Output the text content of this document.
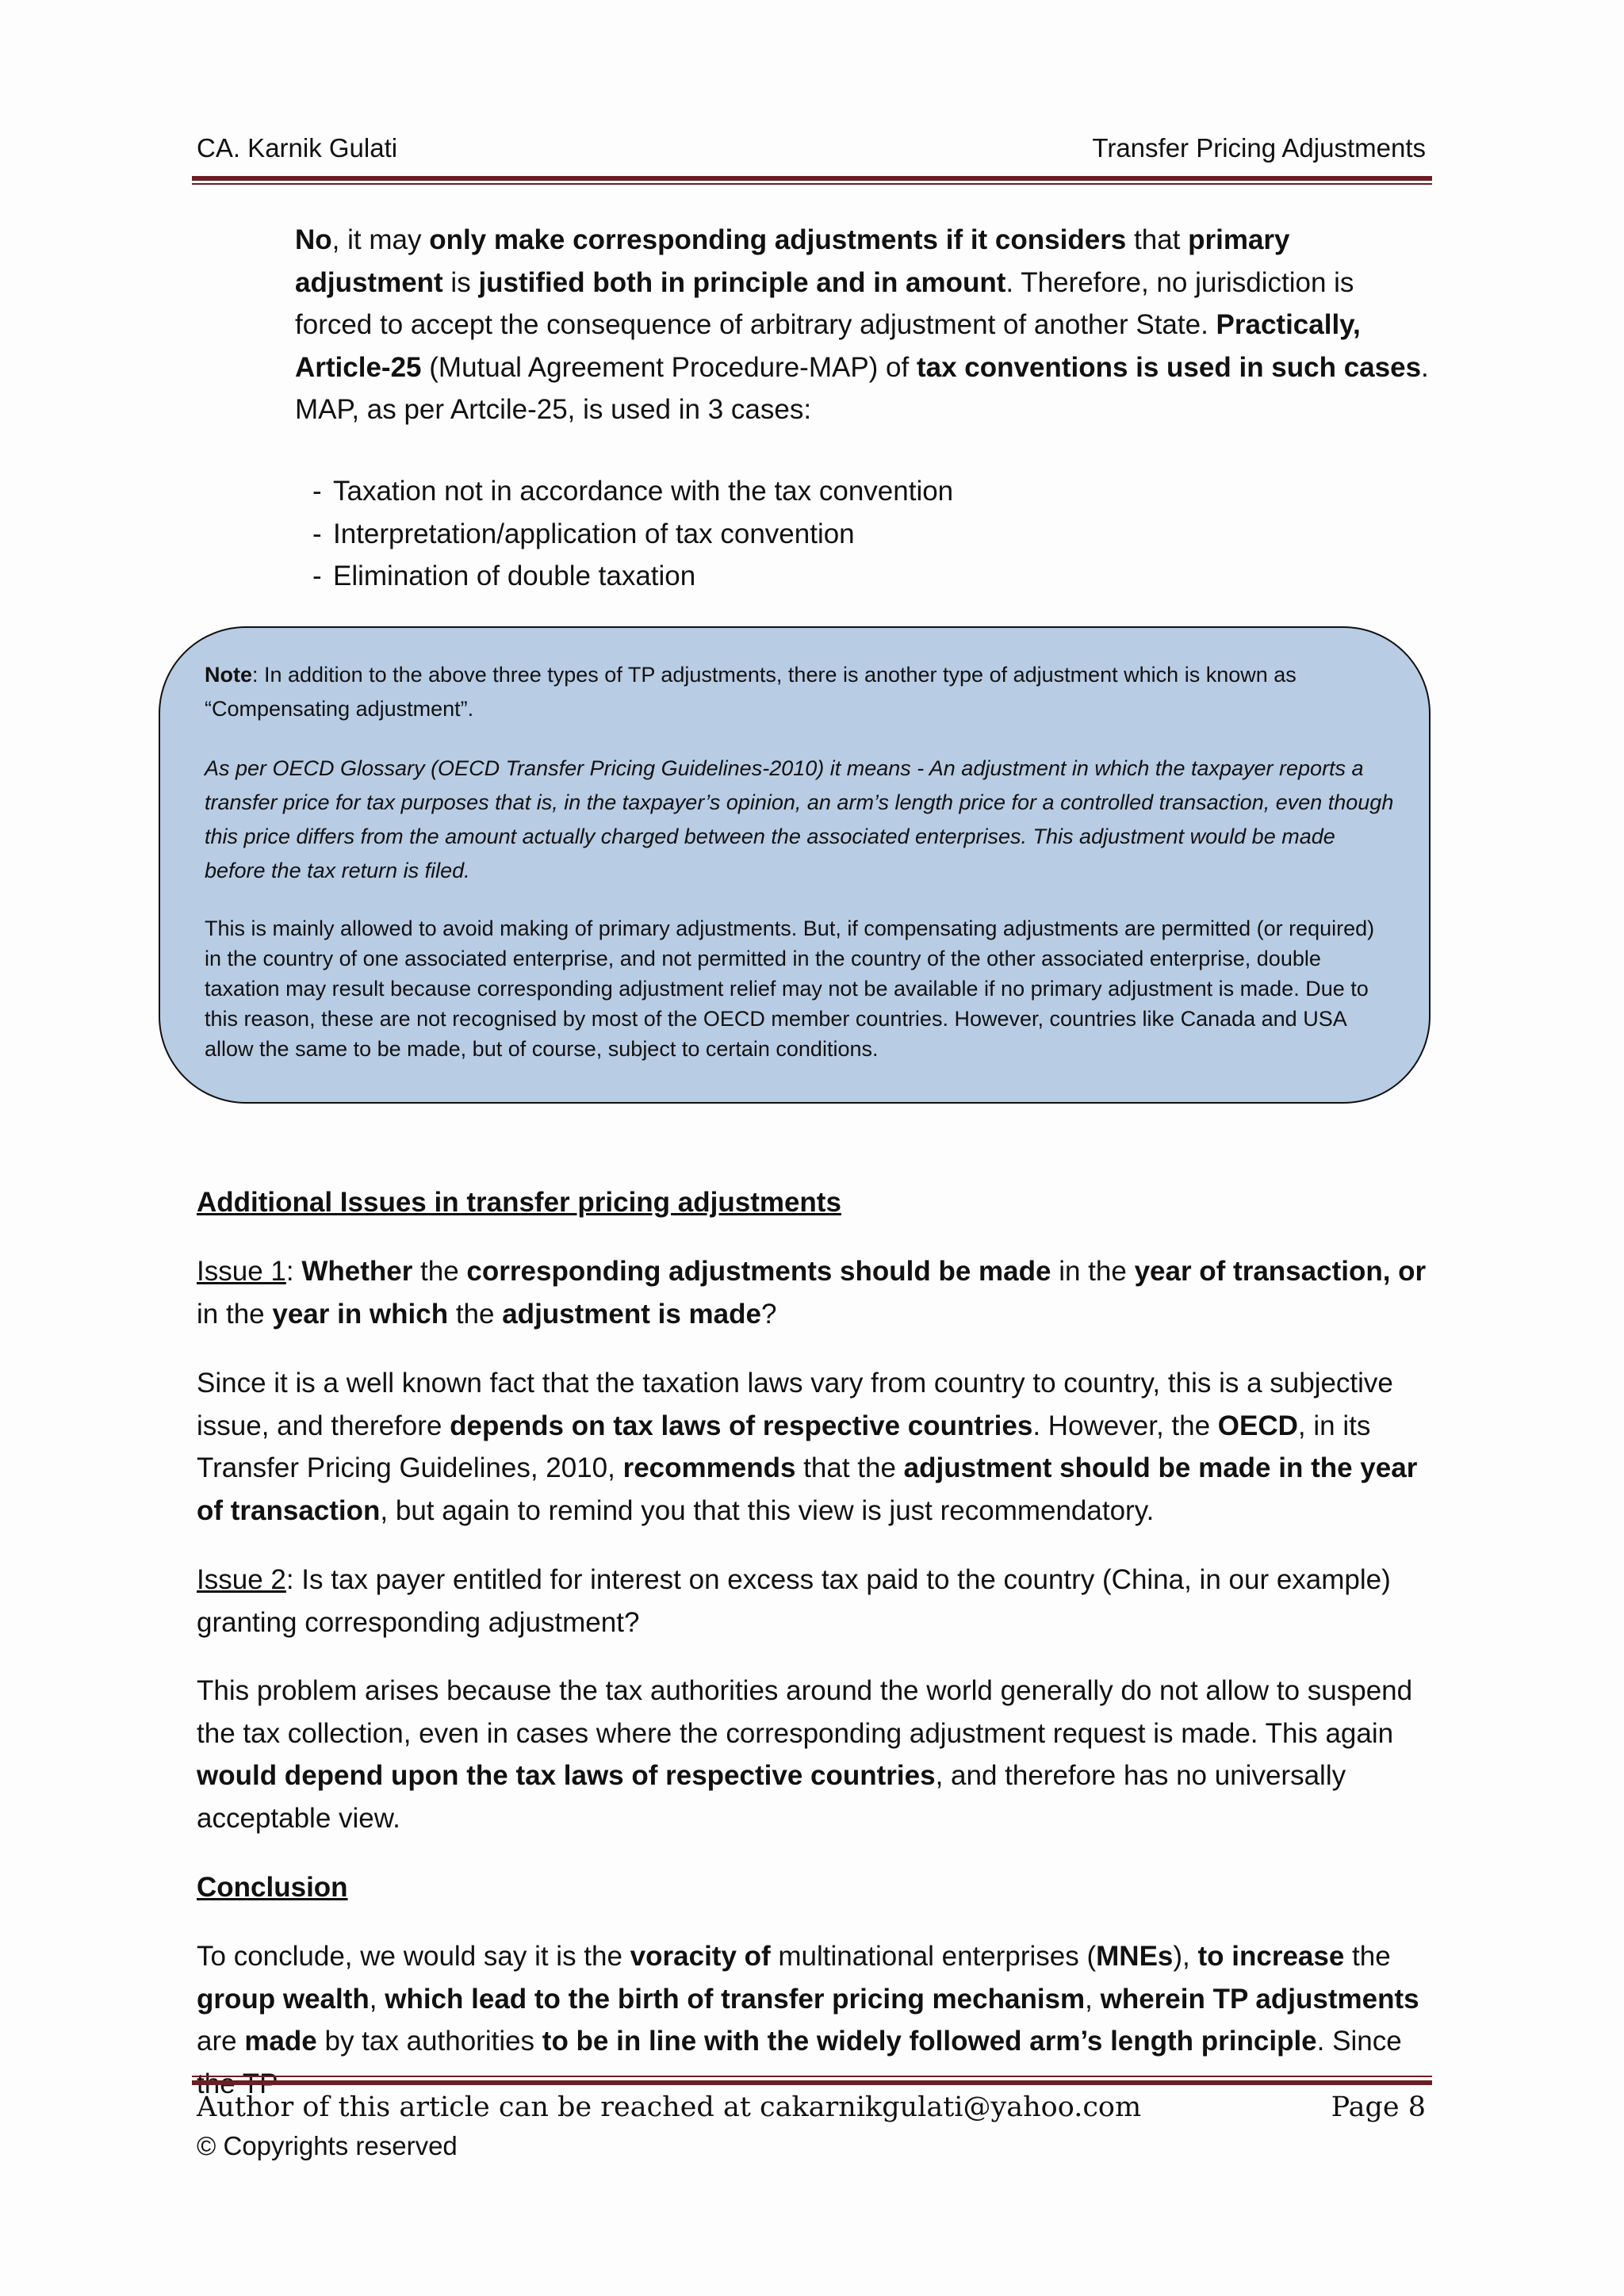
CA. Karnik Gulati	Transfer Pricing Adjustments
No, it may only make corresponding adjustments if it considers that primary adjustment is justified both in principle and in amount. Therefore, no jurisdiction is forced to accept the consequence of arbitrary adjustment of another State. Practically, Article-25 (Mutual Agreement Procedure-MAP) of tax conventions is used in such cases. MAP, as per Artcile-25, is used in 3 cases:
- Taxation not in accordance with the tax convention
- Interpretation/application of tax convention
- Elimination of double taxation

Note: In addition to the above three types of TP adjustments, there is another type of adjustment which is known as “Compensating adjustment”.

As per OECD Glossary (OECD Transfer Pricing Guidelines-2010) it means - An adjustment in which the taxpayer reports a transfer price for tax purposes that is, in the taxpayer’s opinion, an arm’s length price for a controlled transaction, even though this price differs from the amount actually charged between the associated enterprises. This adjustment would be made before the tax return is filed.

This is mainly allowed to avoid making of primary adjustments. But, if compensating adjustments are permitted (or required) in the country of one associated enterprise, and not permitted in the country of the other associated enterprise, double taxation may result because corresponding adjustment relief may not be available if no primary adjustment is made. Due to this reason, these are not recognised by most of the OECD member countries. However, countries like Canada and USA allow the same to be made, but of course, subject to certain conditions.

Additional Issues in transfer pricing adjustments
Issue 1: Whether the corresponding adjustments should be made in the year of transaction, or in the year in which the adjustment is made?
Since it is a well known fact that the taxation laws vary from country to country, this is a subjective issue, and therefore depends on tax laws of respective countries. However, the OECD, in its Transfer Pricing Guidelines, 2010, recommends that the adjustment should be made in the year of transaction, but again to remind you that this view is just recommendatory.
Issue 2: Is tax payer entitled for interest on excess tax paid to the country (China, in our example) granting corresponding adjustment?
This problem arises because the tax authorities around the world generally do not allow to suspend the tax collection, even in cases where the corresponding adjustment request is made. This again would depend upon the tax laws of respective countries, and therefore has no universally acceptable view.
Conclusion
To conclude, we would say it is the voracity of multinational enterprises (MNEs), to increase the group wealth, which lead to the birth of transfer pricing mechanism, wherein TP adjustments are made by tax authorities to be in line with the widely followed arm’s length principle. Since
Author of this article can be reached at cakarnikgulati@yahoo.com	Page 8
© Copyrights reserved
